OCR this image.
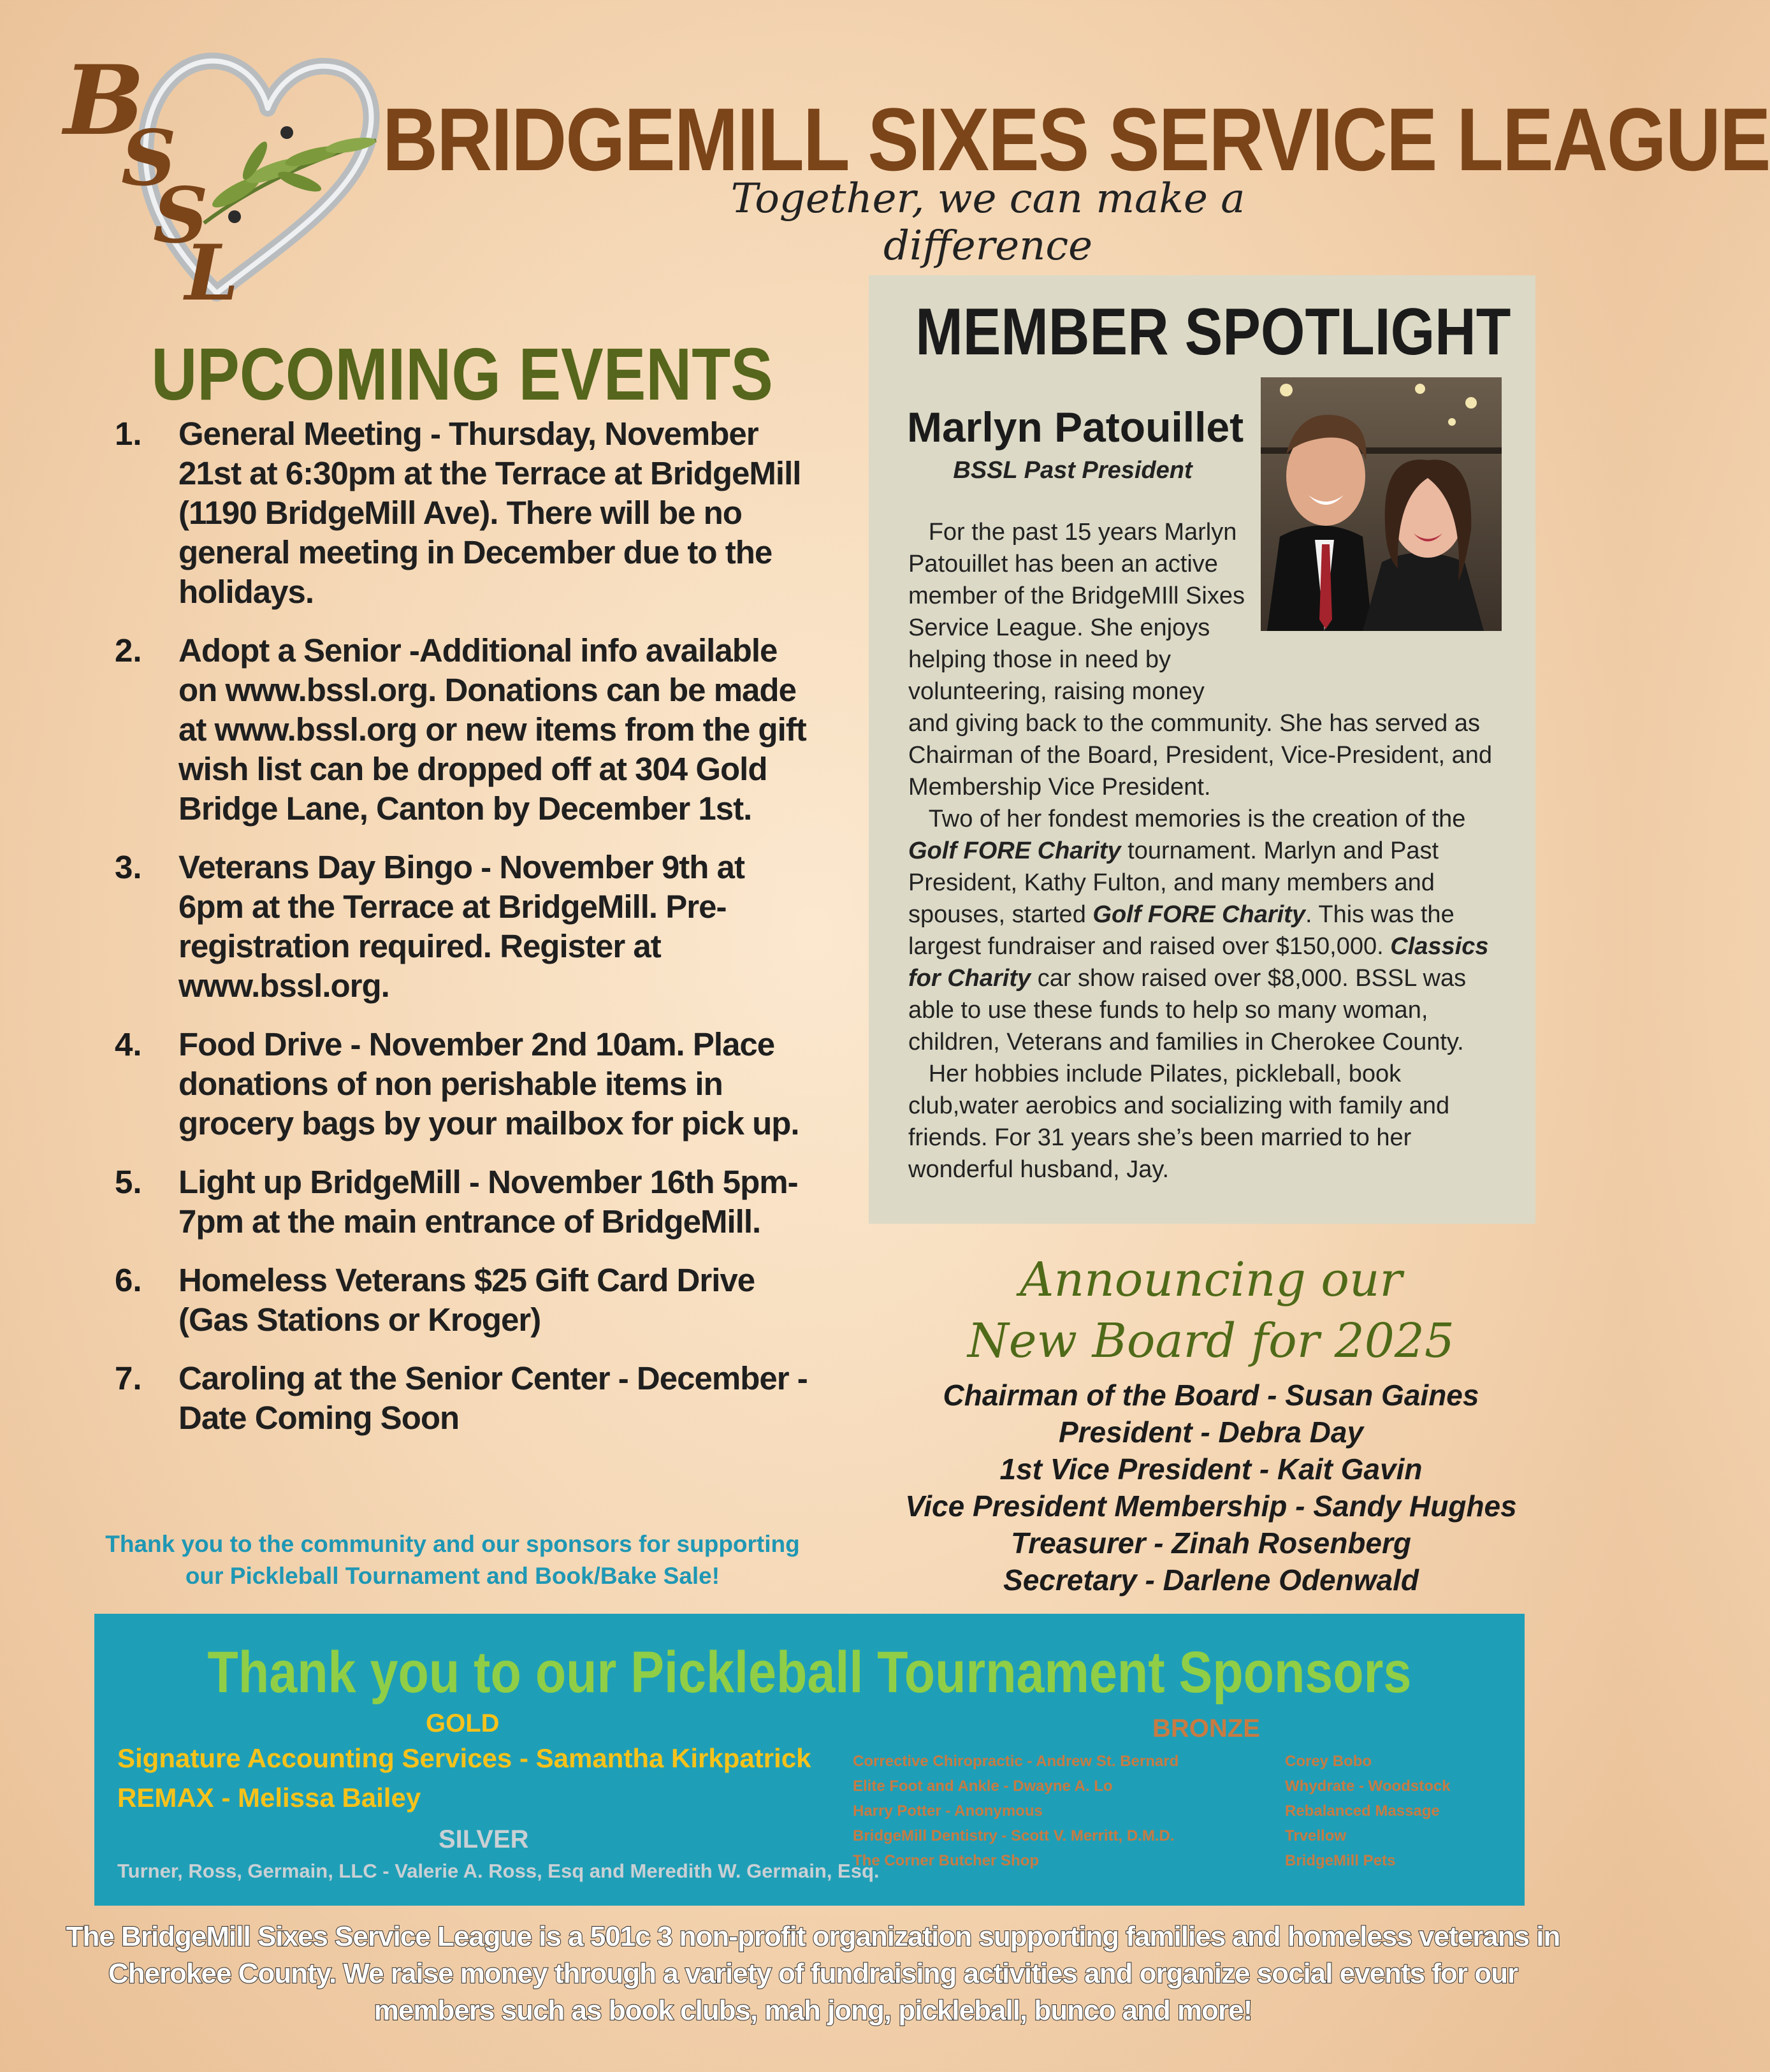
B
S
S
L
BRIDGEMILL SIXES SERVICE LEAGUE
Together, we can make a difference
UPCOMING EVENTS
1.	General Meeting - Thursday, November 21st at 6:30pm at the Terrace at BridgeMill (1190 BridgeMill Ave). There will be no general meeting in December due to the holidays.
2.	Adopt a Senior -Additional info available on www.bssl.org. Donations can be made at www.bssl.org or new items from the gift wish list can be dropped off at 304 Gold Bridge Lane, Canton by December 1st.
3.	Veterans Day Bingo - November 9th at 6pm at the Terrace at BridgeMill. Pre-registration required. Register at www.bssl.org.
4.	Food Drive - November 2nd 10am. Place donations of non perishable items in grocery bags by your mailbox for pick up.
5.	Light up BridgeMill - November 16th 5pm-7pm at the main entrance of BridgeMill.
6.	Homeless Veterans $25 Gift Card Drive (Gas Stations or Kroger)
7.	Caroling at the Senior Center - December - Date Coming Soon
Thank you to the community and our sponsors for supporting our Pickleball Tournament and Book/Bake Sale!
MEMBER SPOTLIGHT
Marlyn Patouillet
BSSL Past President

For the past 15 years Marlyn Patouillet has been an active member of the BridgeMIll Sixes Service League. She enjoys helping those in need by volunteering, raising money and giving back to the community. She has served as Chairman of the Board, President, Vice-President, and Membership Vice President.

Two of her fondest memories is the creation of the Golf FORE Charity tournament. Marlyn and Past President, Kathy Fulton, and many members and spouses, started Golf FORE Charity. This was the largest fundraiser and raised over $150,000. Classics for Charity car show raised over $8,000. BSSL was able to use these funds to help so many woman, children, Veterans and families in Cherokee County.

Her hobbies include Pilates, pickleball, book club,water aerobics and socializing with family and friends. For 31 years she’s been married to her wonderful husband, Jay.

Announcing our
New Board for 2025
Chairman of the Board - Susan Gaines
President - Debra Day
1st Vice President - Kait Gavin
Vice President Membership - Sandy Hughes
Treasurer - Zinah Rosenberg
Secretary - Darlene Odenwald
Thank you to our Pickleball Tournament Sponsors
GOLD
Signature Accounting Services - Samantha Kirkpatrick
REMAX - Melissa Bailey
SILVER
Turner, Ross, Germain, LLC - Valerie A. Ross, Esq and Meredith W. Germain, Esq.
BRONZE
Corrective Chiropractic - Andrew St. Bernard
Elite Foot and Ankle - Dwayne A. Lo
Harry Potter - Anonymous
BridgeMill Dentistry - Scott V. Merritt, D.M.D.
The Corner Butcher Shop
Corey Bobo
Whydrate - Woodstock
Rebalanced Massage
Trvellow
BridgeMill Pets
The BridgeMill Sixes Service League is a 501c 3 non-profit organization supporting families and homeless veterans in Cherokee County. We raise money through a variety of fundraising activities and organize social events for our members such as book clubs, mah jong, pickleball, bunco and more!
